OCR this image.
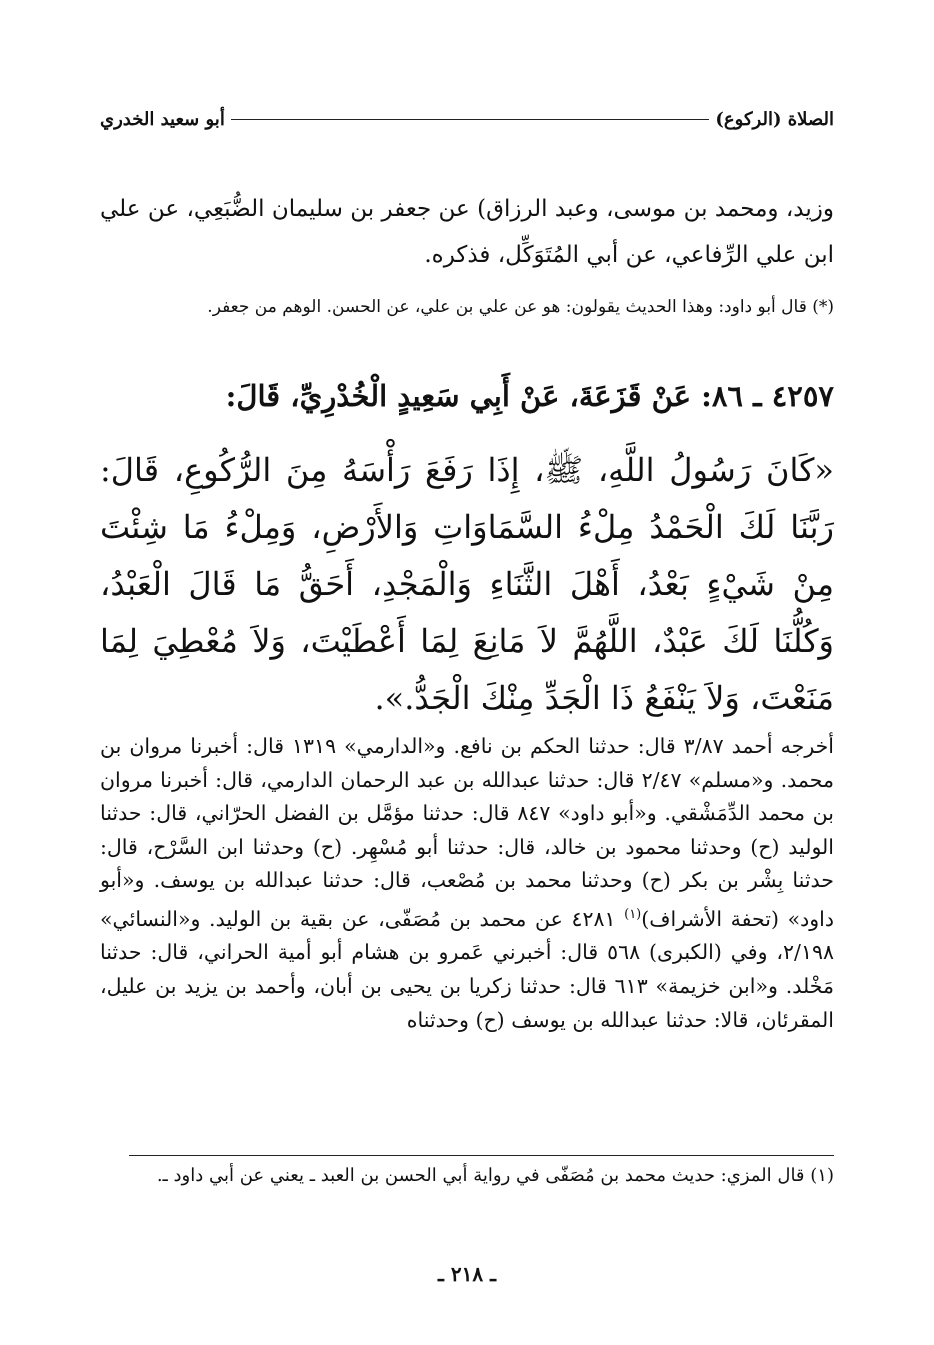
الصلاة (الركوع)
أبو سعيد الخدري

وزيد، ومحمد بن موسى، وعبد الرزاق) عن جعفر بن سليمان الضُّبَعِي، عن علي ابن علي الرِّفاعي، عن أبي المُتَوَكِّل، فذكره.

(*) قال أبو داود: وهذا الحديث يقولون: هو عن علي بن علي، عن الحسن. الوهم من جعفر.

٤٢٥٧ ـ ٨٦: عَنْ قَزَعَةَ، عَنْ أَبِي سَعِيدٍ الْخُدْرِيِّ، قَالَ:

«كَانَ رَسُولُ اللَّهِ، ﷺ، إِذَا رَفَعَ رَأْسَهُ مِنَ الرُّكُوعِ، قَالَ: رَبَّنَا لَكَ الْحَمْدُ مِلْءُ السَّمَاوَاتِ وَالأَرْضِ، وَمِلْءُ مَا شِئْتَ مِنْ شَيْءٍ بَعْدُ، أَهْلَ الثَّنَاءِ وَالْمَجْدِ، أَحَقُّ مَا قَالَ الْعَبْدُ، وَكُلُّنَا لَكَ عَبْدٌ، اللَّهُمَّ لاَ مَانِعَ لِمَا أَعْطَيْتَ، وَلاَ مُعْطِيَ لِمَا مَنَعْتَ، وَلاَ يَنْفَعُ ذَا الْجَدِّ مِنْكَ الْجَدُّ.».

أخرجه أحمد ٣/٨٧ قال: حدثنا الحكم بن نافع. و«الدارمي» ١٣١٩ قال: أخبرنا مروان بن محمد. و«مسلم» ٢/٤٧ قال: حدثنا عبدالله بن عبد الرحمان الدارمي، قال: أخبرنا مروان بن محمد الدِّمَشْقي. و«أبو داود» ٨٤٧ قال: حدثنا مؤمَّل بن الفضل الحرّاني، قال: حدثنا الوليد (ح) وحدثنا محمود بن خالد، قال: حدثنا أبو مُسْهِر. (ح) وحدثنا ابن السَّرْح، قال: حدثنا بِشْر بن بكر (ح) وحدثنا محمد بن مُصْعب، قال: حدثنا عبدالله بن يوسف. و«أبو داود» (تحفة الأشراف)$^{(١)}$ ٤٢٨١ عن محمد بن مُصَفّى، عن بقية بن الوليد. و«النسائي» ٢/١٩٨، وفي (الكبرى) ٥٦٨ قال: أخبرني عَمرو بن هشام أبو أمية الحراني، قال: حدثنا مَخْلد. و«ابن خزيمة» ٦١٣ قال: حدثنا زكريا بن يحيى بن أبان، وأحمد بن يزيد بن عليل، المقرئان، قالا: حدثنا عبدالله بن يوسف (ح) وحدثناه

(١) قال المزي: حديث محمد بن مُصَفّى في رواية أبي الحسن بن العبد ـ يعني عن أبي داود ـ.

ـ ٢١٨ ـ
